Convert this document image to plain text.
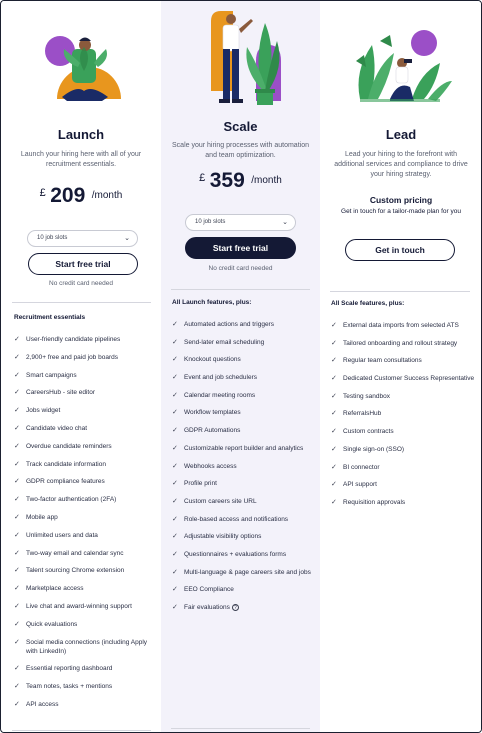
Launch
Launch your hiring here with all of your recruitment essentials.
£ 209 $^{/month}$
10 job slots	⌄
Start free trial
No credit card needed
Recruitment essentials
✓ User-friendly candidate pipelines
✓ 2,900+ free and paid job boards
✓ Smart campaigns
✓ CareersHub - site editor
✓ Jobs widget
✓ Candidate video chat
✓ Overdue candidate reminders
✓ Track candidate information
✓ GDPR compliance features
✓ Two-factor authentication (2FA)
✓ Mobile app
✓ Unlimited users and data
✓ Two-way email and calendar sync
✓ Talent sourcing Chrome extension
✓ Marketplace access
✓ Live chat and award-winning support
✓ Quick evaluations
✓ Social media connections (including Apply with LinkedIn)
✓ Essential reporting dashboard
✓ Team notes, tasks + mentions
✓ API access
Scale
Scale your hiring processes with automation and team optimization.
£ 359 $^{/month}$
10 job slots	⌄
Start free trial
No credit card needed
All Launch features, plus:
✓ Automated actions and triggers
✓ Send-later email scheduling
✓ Knockout questions
✓ Event and job schedulers
✓ Calendar meeting rooms
✓ Workflow templates
✓ GDPR Automations
✓ Customizable report builder and analytics
✓ Webhooks access
✓ Profile print
✓ Custom careers site URL
✓ Role-based access and notifications
✓ Adjustable visibility options
✓ Questionnaires + evaluations forms
✓ Multi-language & page careers site and jobs
✓ EEO Compliance
✓ Fair evaluations ?
Lead
Lead your hiring to the forefront with additional services and compliance to drive your hiring strategy.
Custom pricing
Get in touch for a tailor-made plan for you
Get in touch
All Scale features, plus:
✓ External data imports from selected ATS
✓ Tailored onboarding and rollout strategy
✓ Regular team consultations
✓ Dedicated Customer Success Representative
✓ Testing sandbox
✓ ReferralsHub
✓ Custom contracts
✓ Single sign-on (SSO)
✓ BI connector
✓ API support
✓ Requisition approvals
